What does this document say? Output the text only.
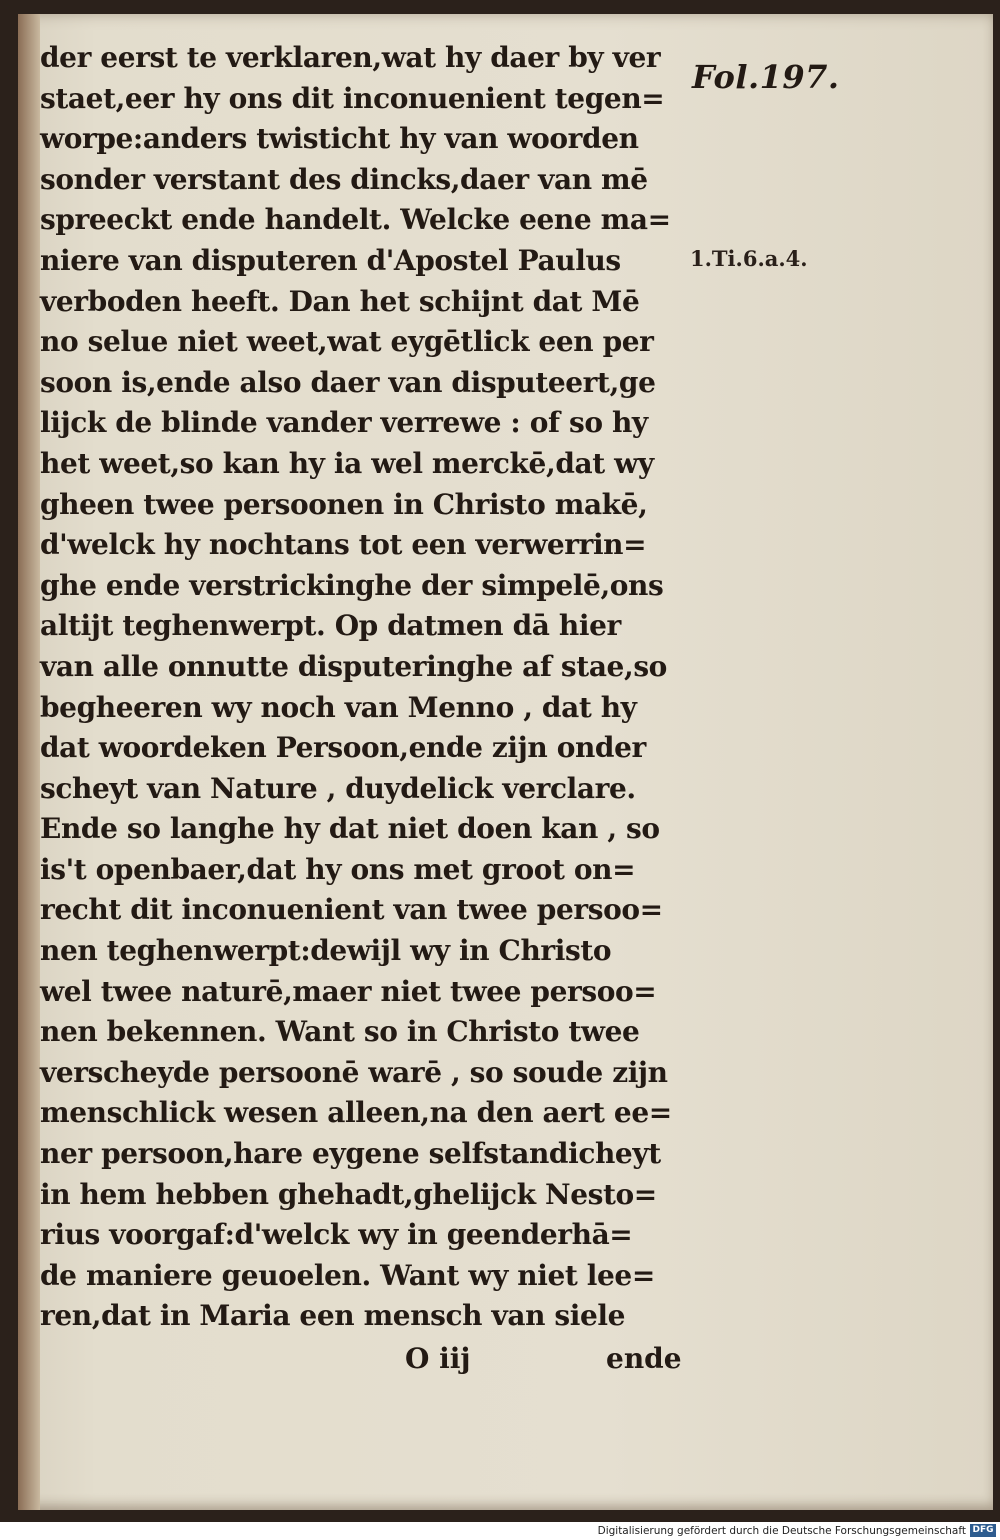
Fol.197.
1.Ti.6.a.4.
der eerst te verklaren,wat hy daer by ver
staet,eer hy ons dit inconuenient tegen=
worpe:anders twisticht hy van woorden
sonder verstant des dincks,daer van mē
spreeckt ende handelt. Welcke eene ma=
niere van disputeren d'Apostel Paulus
verboden heeft. Dan het schijnt dat Mē
no selue niet weet,wat eygētlick een per
soon is,ende also daer van disputeert,ge
lijck de blinde vander verrewe : of so hy
het weet,so kan hy ia wel merckē,dat wy
gheen twee persoonen in Christo makē,
d'welck hy nochtans tot een verwerrin=
ghe ende verstrickinghe der simpelē,ons
altijt teghenwerpt. Op datmen dā hier
van alle onnutte disputeringhe af stae,so
begheeren wy noch van Menno , dat hy
dat woordeken Persoon,ende zijn onder
scheyt van Nature , duydelick verclare.
Ende so langhe hy dat niet doen kan , so
is't openbaer,dat hy ons met groot on=
recht dit inconuenient van twee persoo=
nen teghenwerpt:dewijl wy in Christo
wel twee naturē,maer niet twee persoo=
nen bekennen. Want so in Christo twee
verscheyde persoonē warē , so soude zijn
menschlick wesen alleen,na den aert ee=
ner persoon,hare eygene selfstandicheyt
in hem hebben ghehadt,ghelijck Nesto=
rius voorgaf:d'welck wy in geenderhā=
de maniere geuoelen. Want wy niet lee=
ren,dat in Maria een mensch van siele
O iij	ende
Digitalisierung gefördert durch die Deutsche Forschungsgemeinschaft DFG
